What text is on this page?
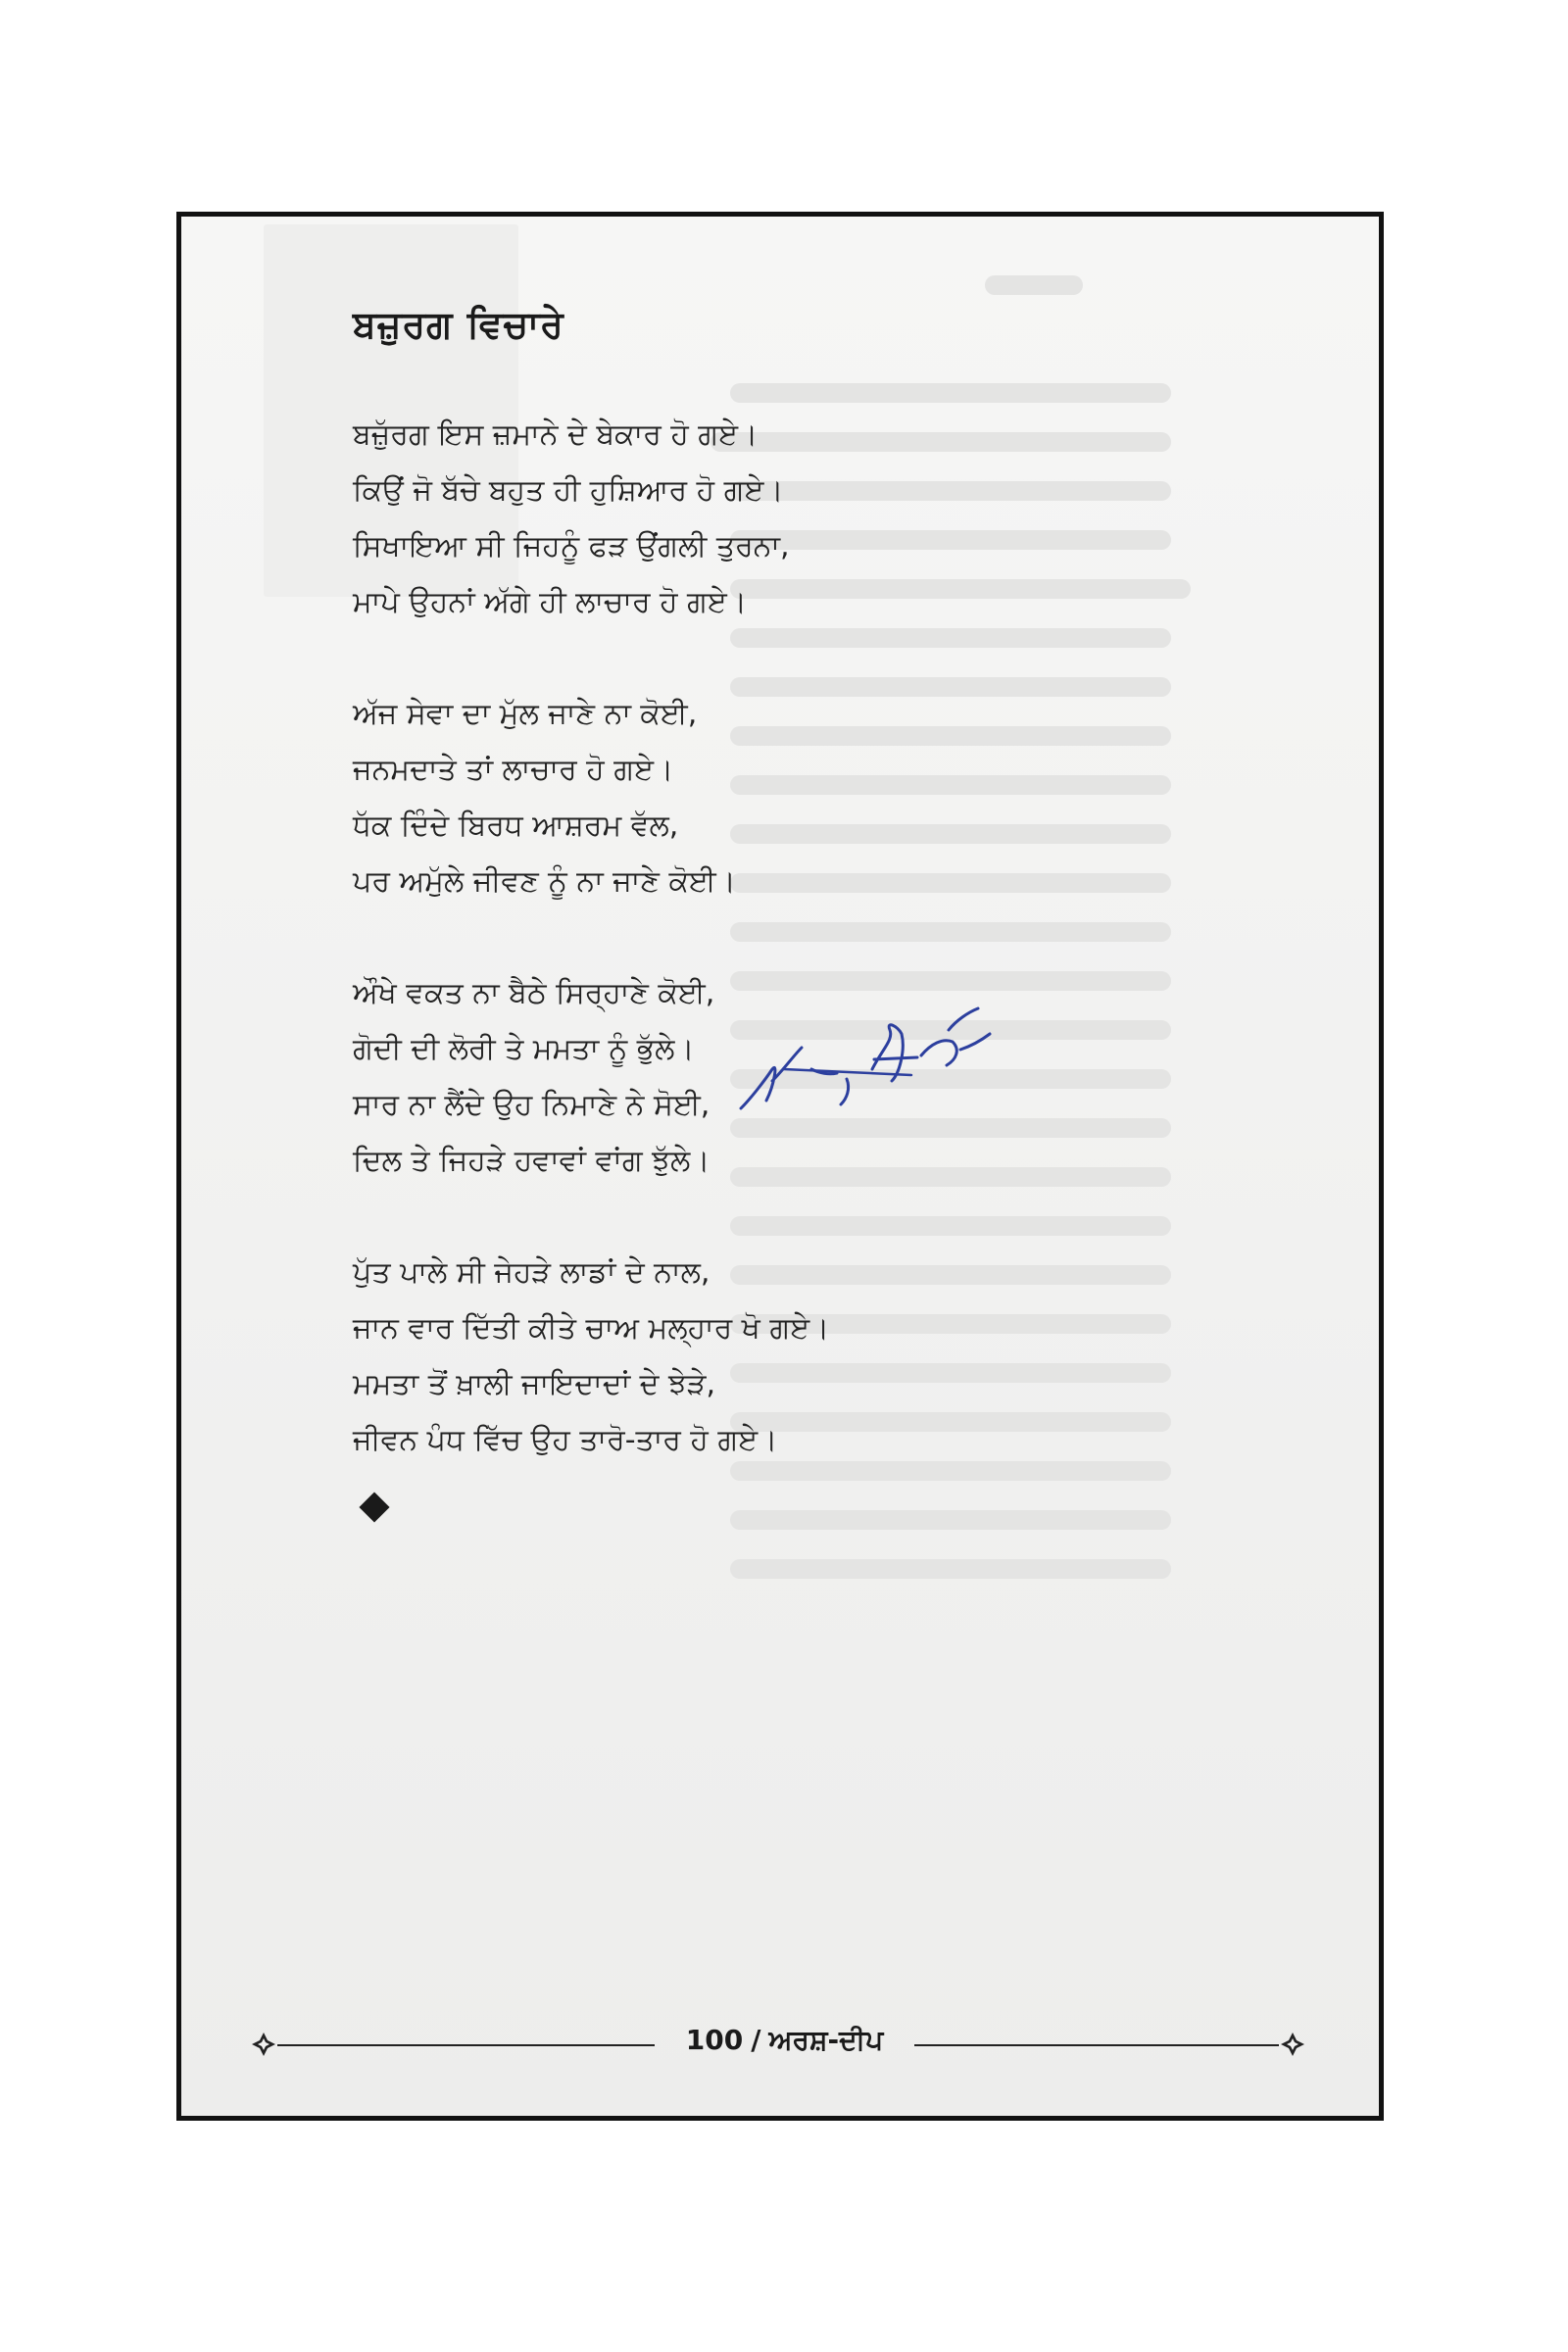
ਬਜ਼ੁਰਗ ਵਿਚਾਰੇ
ਬਜ਼ੁੱਰਗ ਇਸ ਜ਼ਮਾਨੇ ਦੇ ਬੇਕਾਰ ਹੋ ਗਏ।
ਕਿਉਂ ਜੋ ਬੱਚੇ ਬਹੁਤ ਹੀ ਹੁਸ਼ਿਆਰ ਹੋ ਗਏ।
ਸਿਖਾਇਆ ਸੀ ਜਿਹਨੂੰ ਫੜ ਉਂਗਲੀ ਤੁਰਨਾ,
ਮਾਪੇ ਉਹਨਾਂ ਅੱਗੇ ਹੀ ਲਾਚਾਰ ਹੋ ਗਏ।
ਅੱਜ ਸੇਵਾ ਦਾ ਮੁੱਲ ਜਾਣੇ ਨਾ ਕੋਈ,
ਜਨਮਦਾਤੇ ਤਾਂ ਲਾਚਾਰ ਹੋ ਗਏ।
ਧੱਕ ਦਿੰਦੇ ਬਿਰਧ ਆਸ਼ਰਮ ਵੱਲ,
ਪਰ ਅਮੁੱਲੇ ਜੀਵਣ ਨੂੰ ਨਾ ਜਾਣੇ ਕੋਈ।
ਔਖੇ ਵਕਤ ਨਾ ਬੈਠੇ ਸਿਰ੍ਹਾਣੇ ਕੋਈ,
ਗੋਦੀ ਦੀ ਲੋਰੀ ਤੇ ਮਮਤਾ ਨੂੰ ਭੁੱਲੇ।
ਸਾਰ ਨਾ ਲੈਂਦੇ ਉਹ ਨਿਮਾਣੇ ਨੇ ਸੋਈ,
ਦਿਲ ਤੇ ਜਿਹੜੇ ਹਵਾਵਾਂ ਵਾਂਗ ਝੁੱਲੇ।
ਪੁੱਤ ਪਾਲੇ ਸੀ ਜੇਹੜੇ ਲਾਡਾਂ ਦੇ ਨਾਲ,
ਜਾਨ ਵਾਰ ਦਿੱਤੀ ਕੀਤੇ ਚਾਅ ਮਲ੍ਹਾਰ ਖੋ ਗਏ।
ਮਮਤਾ ਤੋਂ ਖ਼ਾਲੀ ਜਾਇਦਾਦਾਂ ਦੇ ਝੇੜੇ,
ਜੀਵਨ ਪੰਧ ਵਿੱਚ ਉਹ ਤਾਰੋ-ਤਾਰ ਹੋ ਗਏ।
100 / ਅਰਸ਼-ਦੀਪ
